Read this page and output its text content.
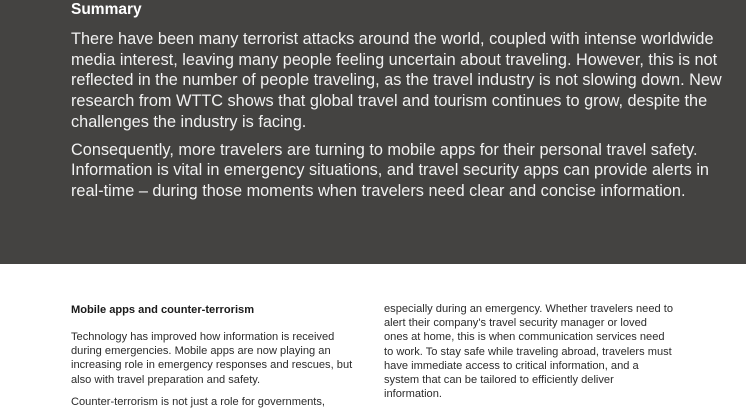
Summary

There have been many terrorist attacks around the world, coupled with intense worldwide media interest, leaving many people feeling uncertain about traveling. However, this is not reflected in the number of people traveling, as the travel industry is not slowing down. New research from WTTC shows that global travel and tourism continues to grow, despite the challenges the industry is facing.

Consequently, more travelers are turning to mobile apps for their personal travel safety. Information is vital in emergency situations, and travel security apps can provide alerts in real-time – during those moments when travelers need clear and concise information.

Mobile apps and counter-terrorism

Technology has improved how information is received during emergencies. Mobile apps are now playing an increasing role in emergency responses and rescues, but also with travel preparation and safety.

Counter-terrorism is not just a role for governments,

especially during an emergency. Whether travelers need to alert their company's travel security manager or loved ones at home, this is when communication services need to work. To stay safe while traveling abroad, travelers must have immediate access to critical information, and a system that can be tailored to efficiently deliver information.
